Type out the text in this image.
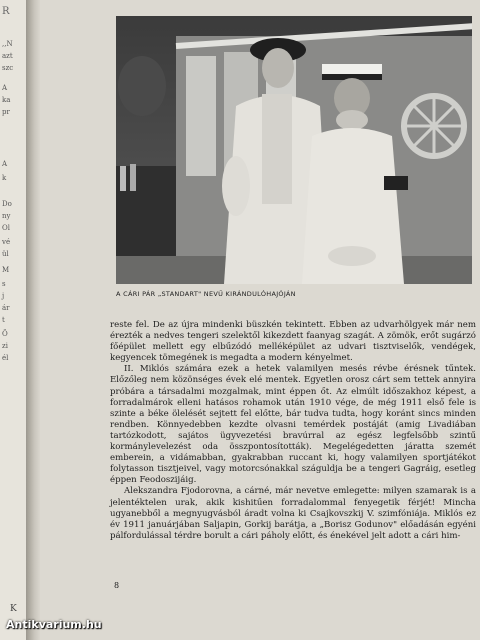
R
,,N
azt
szc
A
ka
pr
A
k
Do
ny
Ol
vé
ül
M
s
j
ár
t
Ö
zi
él
A CÁRI PÁR „STANDART" NEVŰ KIRÁNDULÓHAJÓJÁN

reste fel. De az újra mindenki büszkén tekintett. Ebben az udvarhölgyek már nem érezték a nedves tengeri szelektől kikezdett faanyag szagát. A zömök, erőt sugárzó főépület mellett egy elbűzódó melléképület az udvari tisztviselők, vendégek, kegyencek tömegének is megadta a modern kényelmet.

II. Miklós számára ezek a hetek valamilyen mesés révbe érésnek tűntek. Előzőleg nem közönséges évek elé mentek. Egyetlen orosz cárt sem tettek annyira próbára a társadalmi mozgalmak, mint éppen őt. Az elmúlt időszakhoz képest, a forradalmárok elleni hatásos rohamok után 1910 vége, de még 1911 első fele is szinte a béke ölelését sejtett fel előtte, bár tudva tudta, hogy koránt sincs minden rendben. Könnyedebben kezdte olvasni temérdek postáját (amig Livadiában tartózkodott, sajátos ügyvezetési bravúrral az egész legfelsőbb szintű kormánylevelezést oda összpontosították). Megelégedetten járatta szemét emberein, a vidámabban, gyakrabban ruccant ki, hogy valamilyen sportjátékot folytasson tisztjeivel, vagy motorcsónakkal száguldja be a tengeri Gagráig, esetleg éppen Feodoszijáig.

Alekszandra Fjodorovna, a cárné, már nevetve emlegette: milyen szamarak is a jelentéktelen urak, akik kishitűen forradalommal fenyegetik férjét! Mincha ugyanebből a megnyugvásból áradt volna ki Csajkovszkij V. szimfóniája. Miklós ez év 1911 januárjában Saljapin, Gorkij barátja, a „Borisz Godunov" előadásán egyéni pálfordulással térdre borult a cári páholy előtt, és énekével jelt adott a cári him-

8
K
Antikvarium.hu
